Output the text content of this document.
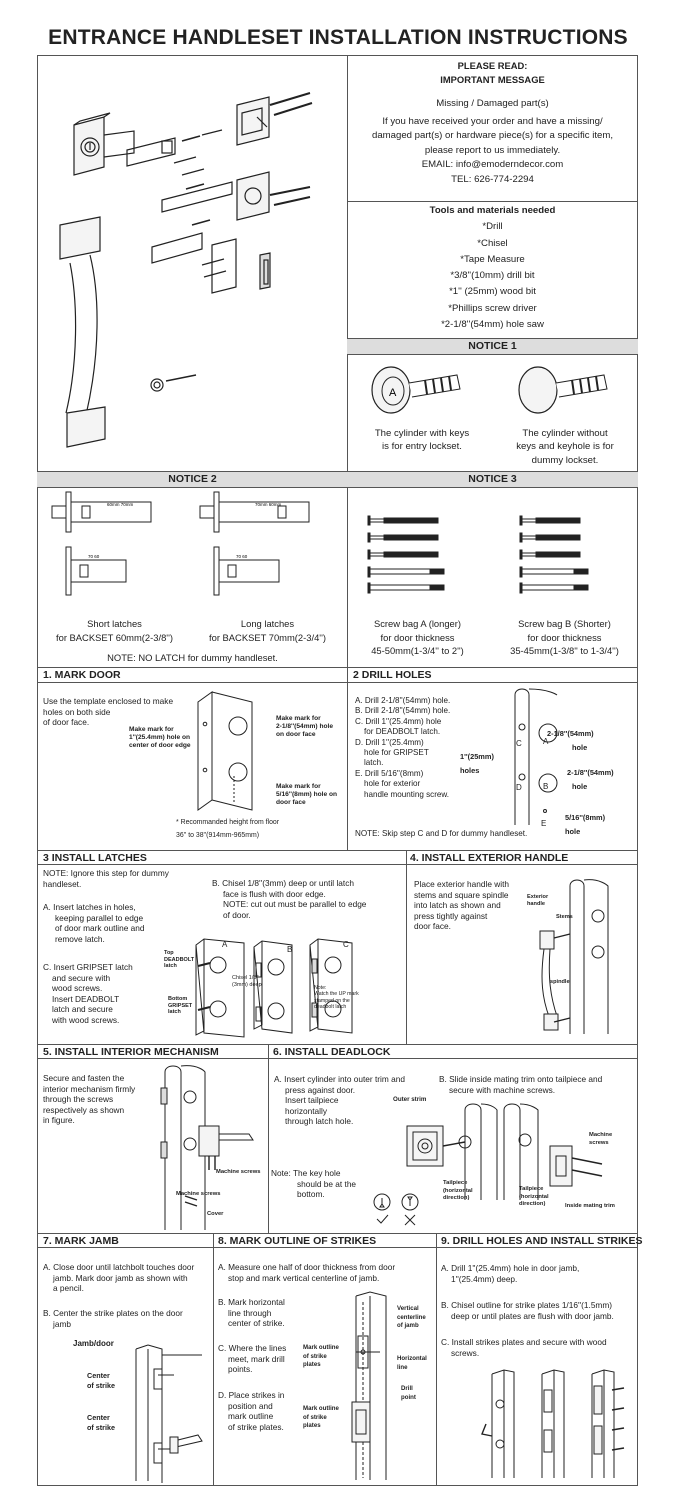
ENTRANCE HANDLESET INSTALLATION INSTRUCTIONS
PLEASE READ:
IMPORTANT MESSAGE
Missing / Damaged part(s)
If you have received your order and have a missing/
damaged part(s) or hardware piece(s) for a specific item,
please report to us immediately.
EMAIL: info@emoderndecor.com
TEL: 626-774-2294
Tools and materials needed
*Drill
*Chisel
*Tape Measure
*3/8''(10mm) drill bit
*1'' (25mm) wood bit
*Phillips screw driver
*2-1/8''(54mm) hole saw
NOTICE 1
A
The cylinder with keys
is for entry lockset.
The cylinder without
keys and keyhole is for
dummy lockset.
NOTICE 2	NOTICE 3
60mm 70mm
70 60
70mm 60mm
70 60
Short latches
for BACKSET 60mm(2-3/8'')
Long latches
for BACKSET 70mm(2-3/4'')
NOTE: NO LATCH for dummy handleset.
Screw bag A (longer)
for door thickness
45-50mm(1-3/4'' to 2'')
Screw bag B (Shorter)
for door thickness
35-45mm(1-3/8'' to 1-3/4'')
1. MARK DOOR	2 DRILL HOLES
3 INSTALL LATCHES	4. INSTALL EXTERIOR HANDLE
5. INSTALL INTERIOR MECHANISM	6. INSTALL DEADLOCK
7. MARK JAMB	8. MARK OUTLINE OF STRIKES	9. DRILL HOLES AND INSTALL STRIKES
Use the template enclosed to make
holes on both side
of door face.
Make mark for
1''(25.4mm) hole on
center of door edge
Make mark for
2-1/8''(54mm) hole
on door face
Make mark for
5/16''(8mm) hole on
door face
* Recommanded height from floor
36'' to 38''(914mm-965mm)
A. Drill 2-1/8''(54mm) hole.
B. Drill 2-1/8''(54mm) hole.
C. Drill 1''(25.4mm) hole
for DEADBOLT latch.
D. Drill 1''(25.4mm)
hole for GRIPSET
latch.
E. Drill 5/16''(8mm)
hole for exterior
handle mounting screw.
NOTE: Skip step C and D for dummy handleset.
2-1/8''(54mm)
hole
2-1/8''(54mm)
hole
1''(25mm)
holes
5/16''(8mm)
hole
A
B
C
D
E
NOTE: Ignore this step for dummy
handleset.
A. Insert latches in holes,
keeping parallel to edge
of door mark outline and
remove latch.
C. Insert GRIPSET latch
and secure with
wood screws.
Insert DEADBOLT
latch and secure
with wood screws.
B. Chisel 1/8''(3mm) deep or until latch
face is flush with door edge.
NOTE: cut out must be parallel to edge
of door.
A
B
C
Top
DEADBOLT
latch
Bottom
GRIPSET
latch
Chisel 1/8''
(3mm) deep
Note:
Watch the UP mark
stamped on the
deadbolt latch
Place exterior handle with
stems and square spindle
into latch as shown and
press tightly against
door face.
Exterior
handle
Stems
spindle
Secure and fasten the
interior mechanism firmly
through the screws
respectively as shown
in figure.
Machine screws
Machine screws
Cover
A. Insert cylinder into outer trim and
press against door.
Insert tailpiece
horizontally
through latch hole.
Note: The key hole
should be at the
bottom.
B. Slide inside mating trim onto tailpiece and
secure with machine screws.
Outer strim
Tailpiece
(horizontal
direction)
Tailpiece
(horizontal
direction)
Machine
screws
Inside mating trim
A. Close door until latchbolt touches door
jamb. Mark door jamb as shown with
a pencil.
B. Center the strike plates on the door
jamb
Jamb/door
Center
of strike
Center
of strike
A. Measure one half of door thickness from door
stop and mark vertical centerline of jamb.
B. Mark horizontal
line through
center of strike.
C. Where the lines
meet, mark drill
points.
D. Place strikes in
position and
mark outline
of strike plates.
Vertical
centerline
of jamb
Mark outline
of strike
plates
Horizontal
line
Drill
point
Mark outline
of strike
plates
A. Drill 1''(25.4mm) hole in door jamb,
1''(25.4mm) deep.
B. Chisel outline for strike plates 1/16''(1.5mm)
deep or until plates are flush with door jamb.
C. Install strikes plates and secure with wood
screws.
